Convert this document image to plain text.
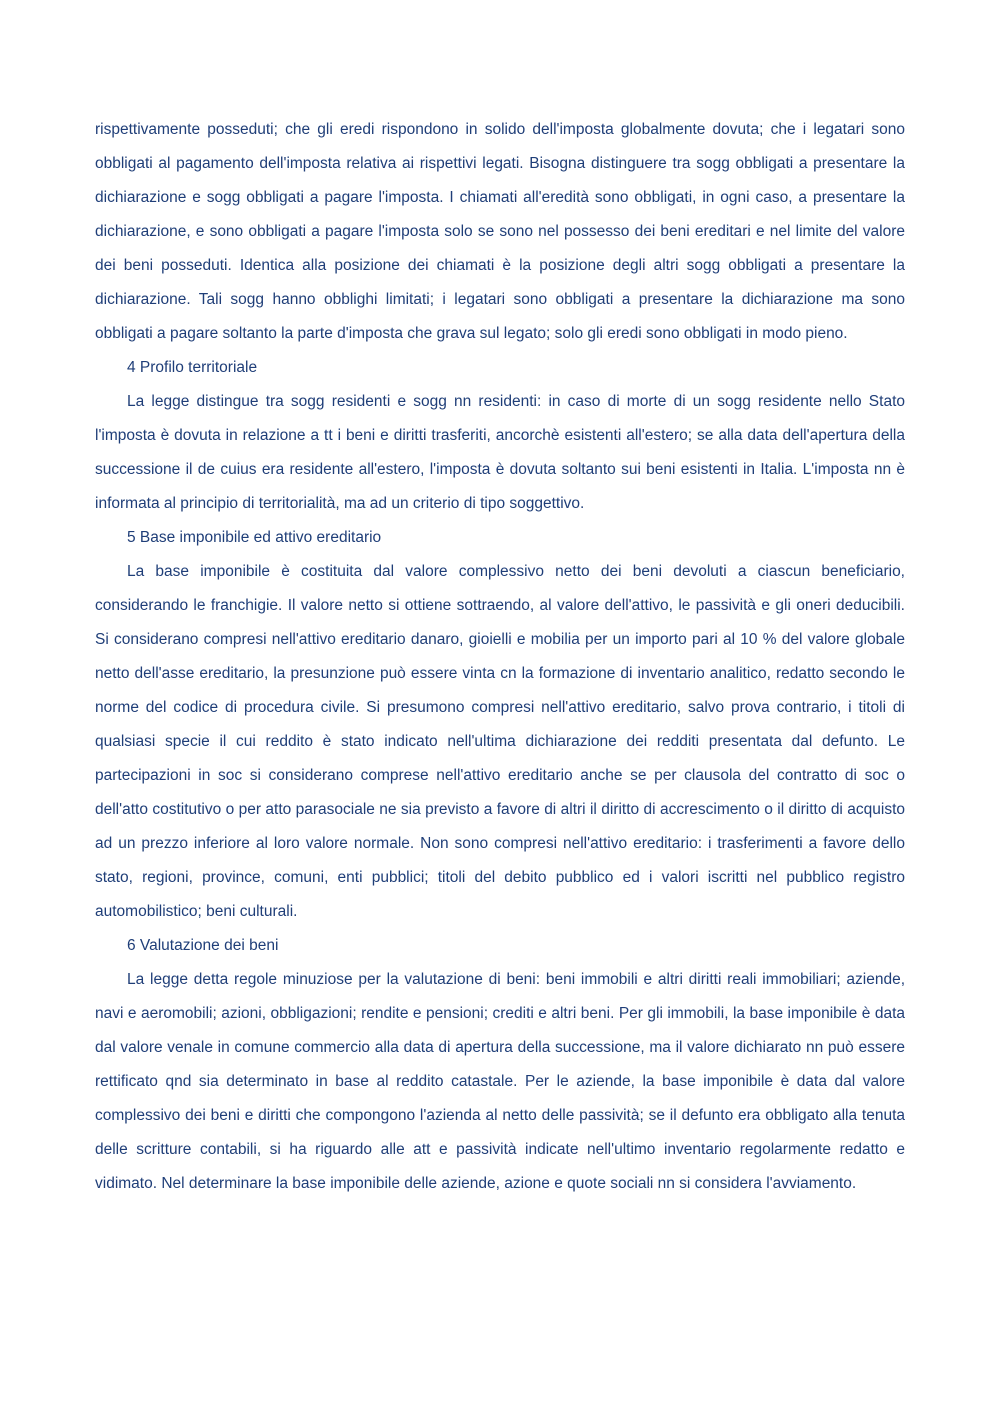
rispettivamente posseduti; che gli eredi rispondono in solido dell'imposta globalmente dovuta; che i legatari sono obbligati al pagamento dell'imposta relativa ai rispettivi legati. Bisogna distinguere tra sogg obbligati a presentare la dichiarazione e sogg obbligati a pagare l'imposta. I chiamati all'eredità sono obbligati, in ogni caso, a presentare la dichiarazione, e sono obbligati a pagare l'imposta solo se sono nel possesso dei beni ereditari e nel limite del valore dei beni posseduti. Identica alla posizione dei chiamati è la posizione degli altri sogg obbligati a presentare la dichiarazione. Tali sogg hanno obblighi limitati; i legatari sono obbligati a presentare la dichiarazione ma sono obbligati a pagare soltanto la parte d'imposta che grava sul legato; solo gli eredi sono obbligati in modo pieno.

4 Profilo territoriale

La legge distingue tra sogg residenti e sogg nn residenti: in caso di morte di un sogg residente nello Stato l'imposta è dovuta in relazione a tt i beni e diritti trasferiti, ancorchè esistenti all'estero; se alla data dell'apertura della successione il de cuius era residente all'estero, l'imposta è dovuta soltanto sui beni esistenti in Italia. L'imposta nn è informata al principio di territorialità, ma ad un criterio di tipo soggettivo.

5 Base imponibile ed attivo ereditario

La base imponibile è costituita dal valore complessivo netto dei beni devoluti a ciascun beneficiario, considerando le franchigie. Il valore netto si ottiene sottraendo, al valore dell'attivo, le passività e gli oneri deducibili. Si considerano compresi nell'attivo ereditario danaro, gioielli e mobilia per un importo pari al 10 % del valore globale netto dell'asse ereditario, la presunzione può essere vinta cn la formazione di inventario analitico, redatto secondo le norme del codice di procedura civile. Si presumono compresi nell'attivo ereditario, salvo prova contrario, i titoli di qualsiasi specie il cui reddito è stato indicato nell'ultima dichiarazione dei redditi presentata dal defunto. Le partecipazioni in soc si considerano comprese nell'attivo ereditario anche se per clausola del contratto di soc o dell'atto costitutivo o per atto parasociale ne sia previsto a favore di altri il diritto di accrescimento o il diritto di acquisto ad un prezzo inferiore al loro valore normale. Non sono compresi nell'attivo ereditario: i trasferimenti a favore dello stato, regioni, province, comuni, enti pubblici; titoli del debito pubblico ed i valori iscritti nel pubblico registro automobilistico; beni culturali.

6 Valutazione dei beni

La legge detta regole minuziose per la valutazione di beni: beni immobili e altri diritti reali immobiliari; aziende, navi e aeromobili; azioni, obbligazioni; rendite e pensioni; crediti e altri beni. Per gli immobili, la base imponibile è data dal valore venale in comune commercio alla data di apertura della successione, ma il valore dichiarato nn può essere rettificato qnd sia determinato in base al reddito catastale. Per le aziende, la base imponibile è data dal valore complessivo dei beni e diritti che compongono l'azienda al netto delle passività; se il defunto era obbligato alla tenuta delle scritture contabili, si ha riguardo alle att e passività indicate nell'ultimo inventario regolarmente redatto e vidimato. Nel determinare la base imponibile delle aziende, azione e quote sociali nn si considera l'avviamento.
